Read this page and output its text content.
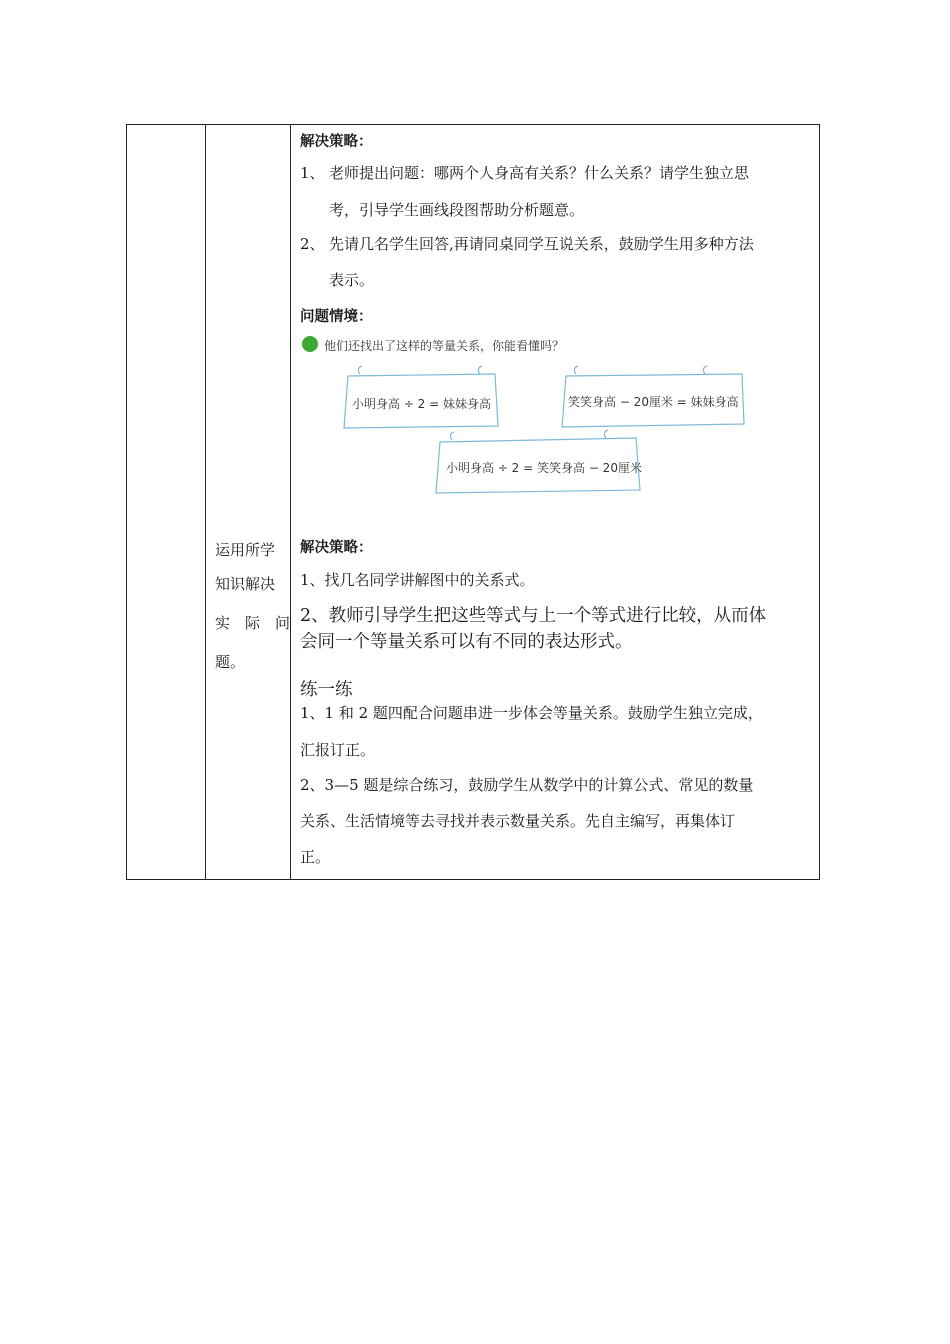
运用所学
知识解决
实　际　问
题。
解决策略：
1、 老师提出问题：哪两个人身高有关系？什么关系？请学生独立思
考，引导学生画线段图帮助分析题意。
2、 先请几名学生回答,再请同桌同学互说关系，鼓励学生用多种方法
表示。
问题情境：
他们还找出了这样的等量关系，你能看懂吗？
小明身高 ÷ 2 = 妹妹身高	笑笑身高 − 20厘米 = 妹妹身高
小明身高 ÷ 2 = 笑笑身高 − 20厘米
解决策略：
1、找几名同学讲解图中的关系式。
2、教师引导学生把这些等式与上一个等式进行比较，从而体
会同一个等量关系可以有不同的表达形式。
练一练
1、1 和 2 题四配合问题串进一步体会等量关系。鼓励学生独立完成，
汇报订正。
2、3—5 题是综合练习，鼓励学生从数学中的计算公式、常见的数量
关系、生活情境等去寻找并表示数量关系。先自主编写，再集体订
正。
